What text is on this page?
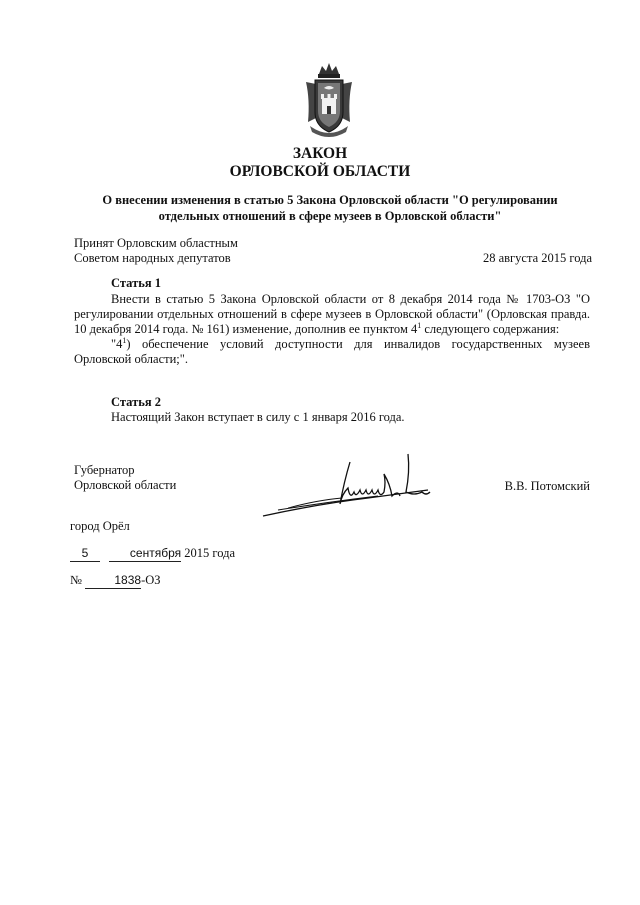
ЗАКОН
ОРЛОВСКОЙ ОБЛАСТИ
О внесении изменения в статью 5 Закона Орловской области "О регулировании
отдельных отношений в сфере музеев в Орловской области"
Принят Орловским областным
Советом народных депутатов	28 августа 2015 года
Статья 1
Внести в статью 5 Закона Орловской области от 8 декабря 2014 года № 1703-ОЗ "О регулировании отдельных отношений в сфере музеев в Орловской области" (Орловская правда. 10 декабря 2014 года. № 161) изменение, дополнив ее пунктом $4^1$ следующего содержания:
"$4^1$) обеспечение условий доступности для инвалидов государственных музеев Орловской области;".
Статья 2
Настоящий Закон вступает в силу с 1 января 2016 года.
Губернатор
Орловской области	В.В. Потомский
город Орёл
5	сентября 2015 года
№	1838-ОЗ
